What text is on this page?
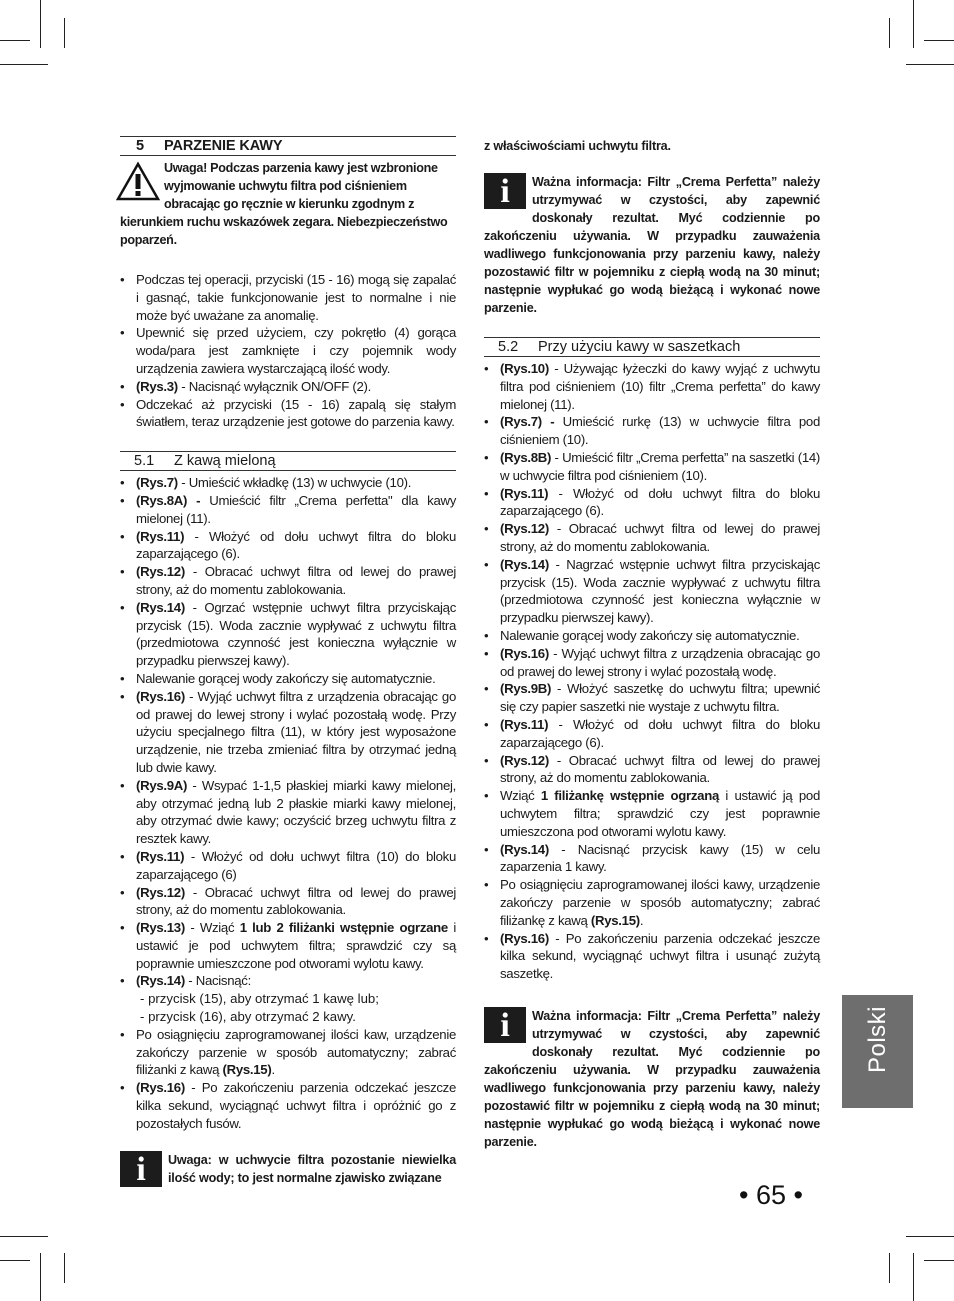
5 PARZENIE KAWY
Uwaga! Podczas parzenia kawy jest wzbronione wyjmowanie uchwytu filtra pod ciśnieniem obracając go ręcznie w kierunku zgodnym z kierunkiem ruchu wskazówek zegara. Niebezpieczeństwo poparzeń.
• Podczas tej operacji, przyciski (15 - 16) mogą się zapalać i gasnąć, takie funkcjonowanie jest to normalne i nie może być uważane za anomalię.
• Upewnić się przed użyciem, czy pokrętło (4) gorąca woda/para jest zamknięte i czy pojemnik wody urządzenia zawiera wystarczającą ilość wody.
• (Rys.3) - Nacisnąć wyłącznik ON/OFF (2).
• Odczekać aż przyciski (15 - 16) zapalą się stałym światłem, teraz urządzenie jest gotowe do parzenia kawy.
5.1 Z kawą mieloną
• (Rys.7) - Umieścić wkładkę (13) w uchwycie (10).
• (Rys.8A) - Umieścić filtr „Crema perfetta" dla kawy mielonej (11).
• (Rys.11) - Włożyć od dołu uchwyt filtra do bloku zaparzającego (6).
• (Rys.12) - Obracać uchwyt filtra od lewej do prawej strony, aż do momentu zablokowania.
• (Rys.14) - Ogrzać wstępnie uchwyt filtra przyciskając przycisk (15). Woda zacznie wypływać z uchwytu filtra (przedmiotowa czynność jest konieczna wyłącznie w przypadku pierwszej kawy).
• Nalewanie gorącej wody zakończy się automatycznie.
• (Rys.16) - Wyjąć uchwyt filtra z urządzenia obracając go od prawej do lewej strony i wylać pozostałą wodę. Przy użyciu specjalnego filtra (11), w który jest wyposażone urządzenie, nie trzeba zmieniać filtra by otrzymać jedną lub dwie kawy.
• (Rys.9A) - Wsypać 1-1,5 płaskiej miarki kawy mielonej, aby otrzymać jedną lub 2 płaskie miarki kawy mielonej, aby otrzymać dwie kawy; oczyścić brzeg uchwytu filtra z resztek kawy.
• (Rys.11) - Włożyć od dołu uchwyt filtra (10) do bloku zaparzającego (6)
• (Rys.12) - Obracać uchwyt filtra od lewej do prawej strony, aż do momentu zablokowania.
• (Rys.13) - Wziąć 1 lub 2 filiżanki wstępnie ogrzane i ustawić je pod uchwytem filtra; sprawdzić czy są poprawnie umieszczone pod otworami wylotu kawy.
• (Rys.14) - Nacisnąć:
- przycisk (15), aby otrzymać 1 kawę lub;
- przycisk (16), aby otrzymać 2 kawy.
• Po osiągnięciu zaprogramowanej ilości kaw, urządzenie zakończy parzenie w sposób automatyczny; zabrać filiżanki z kawą (Rys.15).
• (Rys.16) - Po zakończeniu parzenia odczekać jeszcze kilka sekund, wyciągnąć uchwyt filtra i opróżnić go z pozostałych fusów.
i	Uwaga: w uchwycie filtra pozostanie niewielka ilość wody; to jest normalne zjawisko związane
z właściwościami uchwytu filtra.
i	Ważna informacja: Filtr „Crema Perfetta” należy utrzymywać w czystości, aby zapewnić doskonały rezultat. Myć codziennie po zakończeniu używania. W przypadku zauważenia wadliwego funkcjonowania przy parzeniu kawy, należy pozostawić filtr w pojemniku z ciepłą wodą na 30 minut; następnie wypłukać go wodą bieżącą i wykonać nowe parzenie.
5.2 Przy użyciu kawy w saszetkach
• (Rys.10) - Używając łyżeczki do kawy wyjąć z uchwytu filtra pod ciśnieniem (10) filtr „Crema perfetta” do kawy mielonej (11).
• (Rys.7) - Umieścić rurkę (13) w uchwycie filtra pod ciśnieniem (10).
• (Rys.8B) - Umieścić filtr „Crema perfetta” na saszetki (14) w uchwycie filtra pod ciśnieniem (10).
• (Rys.11) - Włożyć od dołu uchwyt filtra do bloku zaparzającego (6).
• (Rys.12) - Obracać uchwyt filtra od lewej do prawej strony, aż do momentu zablokowania.
• (Rys.14) - Nagrzać wstępnie uchwyt filtra przyciskając przycisk (15). Woda zacznie wypływać z uchwytu filtra (przedmiotowa czynność jest konieczna wyłącznie w przypadku pierwszej kawy).
• Nalewanie gorącej wody zakończy się automatycznie.
• (Rys.16) - Wyjąć uchwyt filtra z urządzenia obracając go od prawej do lewej strony i wylać pozostałą wodę.
• (Rys.9B) - Włożyć saszetkę do uchwytu filtra; upewnić się czy papier saszetki nie wystaje z uchwytu filtra.
• (Rys.11) - Włożyć od dołu uchwyt filtra do bloku zaparzającego (6).
• (Rys.12) - Obracać uchwyt filtra od lewej do prawej strony, aż do momentu zablokowania.
• Wziąć 1 filiżankę wstępnie ogrzaną i ustawić ją pod uchwytem filtra; sprawdzić czy jest poprawnie umieszczona pod otworami wylotu kawy.
• (Rys.14) - Nacisnąć przycisk kawy (15) w celu zaparzenia 1 kawy.
• Po osiągnięciu zaprogramowanej ilości kawy, urządzenie zakończy parzenie w sposób automatyczny; zabrać filiżankę z kawą (Rys.15).
• (Rys.16) - Po zakończeniu parzenia odczekać jeszcze kilka sekund, wyciągnąć uchwyt filtra i usunąć zużytą saszetkę.
i	Ważna informacja: Filtr „Crema Perfetta” należy utrzymywać w czystości, aby zapewnić doskonały rezultat. Myć codziennie po zakończeniu używania. W przypadku zauważenia wadliwego funkcjonowania przy parzeniu kawy, należy pozostawić filtr w pojemniku z ciepłą wodą na 30 minut; następnie wypłukać go wodą bieżącą i wykonać nowe parzenie.
Polski
• 65 •
